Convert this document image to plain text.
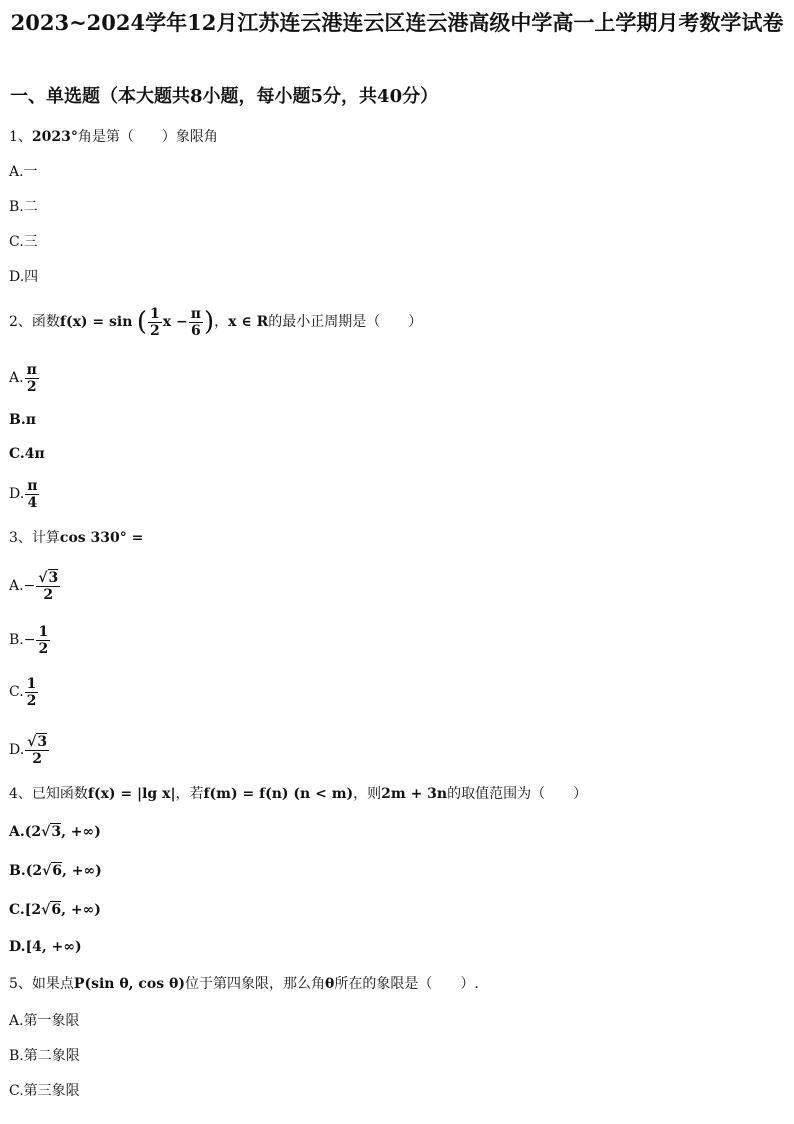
2023~2024学年12月江苏连云港连云区连云港高级中学高一上学期月考数学试卷
一、单选题（本大题共8小题，每小题5分，共40分）
1、2023°角是第（　　）象限角
A.一
B.二
C.三
D.四
2、函数f(x) = sin ( $\frac{1}{2}$ $x - \frac{\pi}{6}$ )，x ∈ R的最小正周期是（　　）
A. $\frac{\pi}{2}$
B.π
C.4π
D. $\frac{\pi}{4}$
3、计算cos 330° =
$A.- \frac{√3}{2}$
$B.- \frac{1}{2}$
C. $\frac{1}{2}$
D. $\frac{√3}{2}$
4、已知函数f(x) = |lg x|，若f(m) = f(n) (n < m)，则2m + 3n的取值范围为（　　）
A.(2√3, +∞)
B.(2√6, +∞)
C.[2√6, +∞)
D.[4, +∞)
5、如果点P(sin θ, cos θ)位于第四象限，那么角θ所在的象限是（　　）.
A.第一象限
B.第二象限
C.第三象限
